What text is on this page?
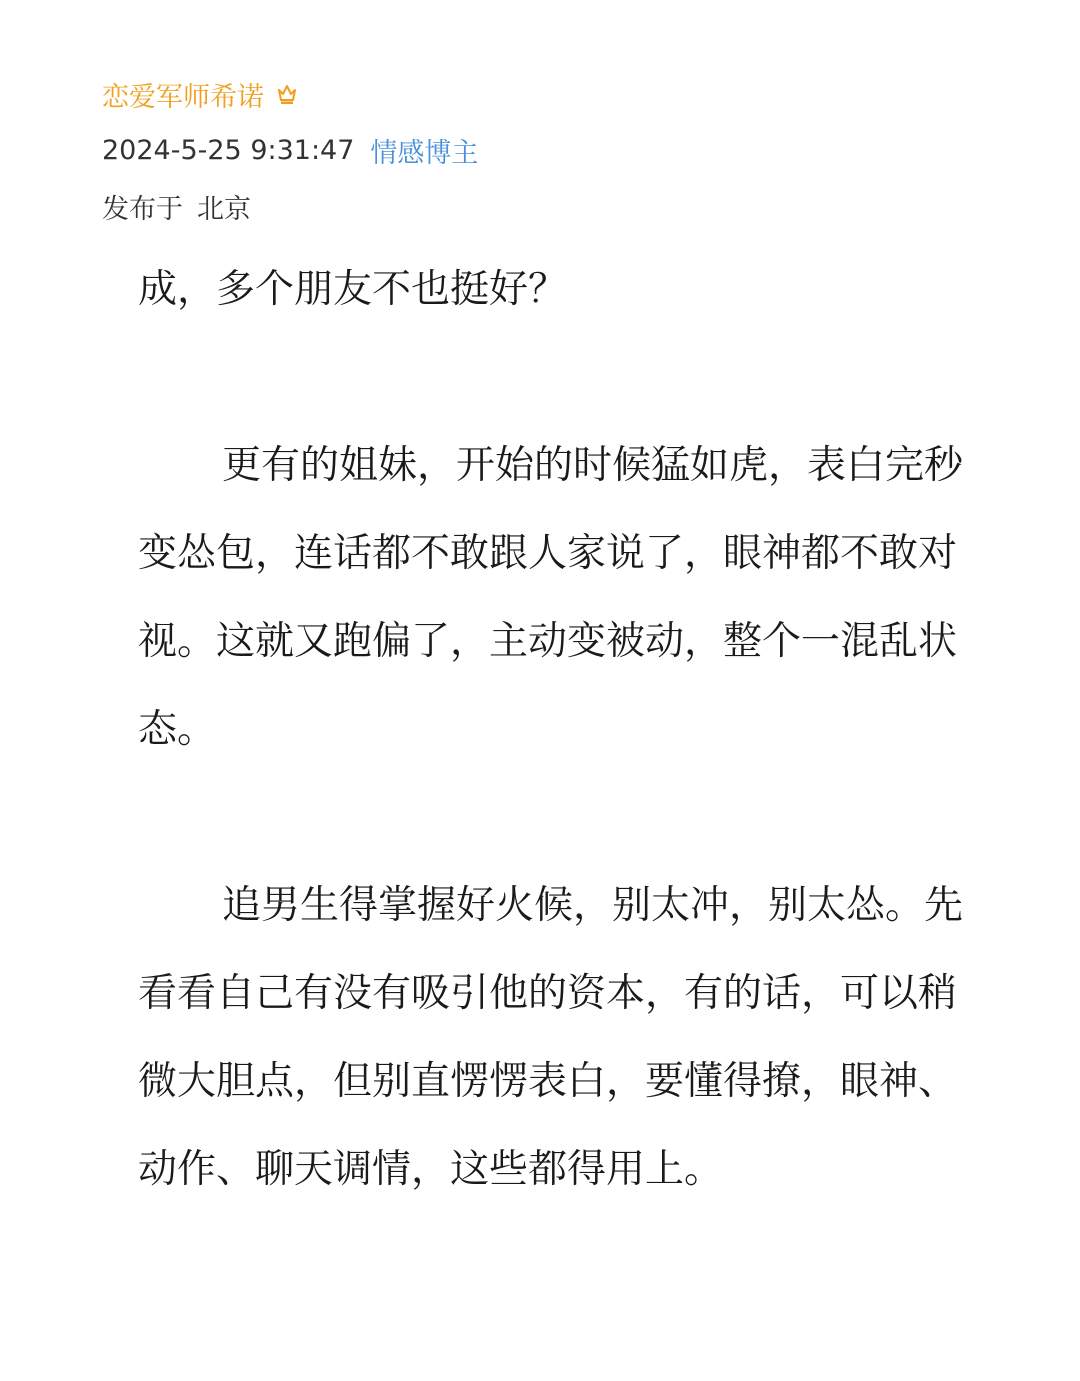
恋爱军师希诺
2024-5-25 9:31:47 情感博主
发布于 北京

成，多个朋友不也挺好？

更有的姐妹，开始的时候猛如虎，表白完秒变怂包，连话都不敢跟人家说了，眼神都不敢对视。这就又跑偏了，主动变被动，整个一混乱状态。

追男生得掌握好火候，别太冲，别太怂。先看看自己有没有吸引他的资本，有的话，可以稍微大胆点，但别直愣愣表白，要懂得撩，眼神、动作、聊天调情，这些都得用上。
